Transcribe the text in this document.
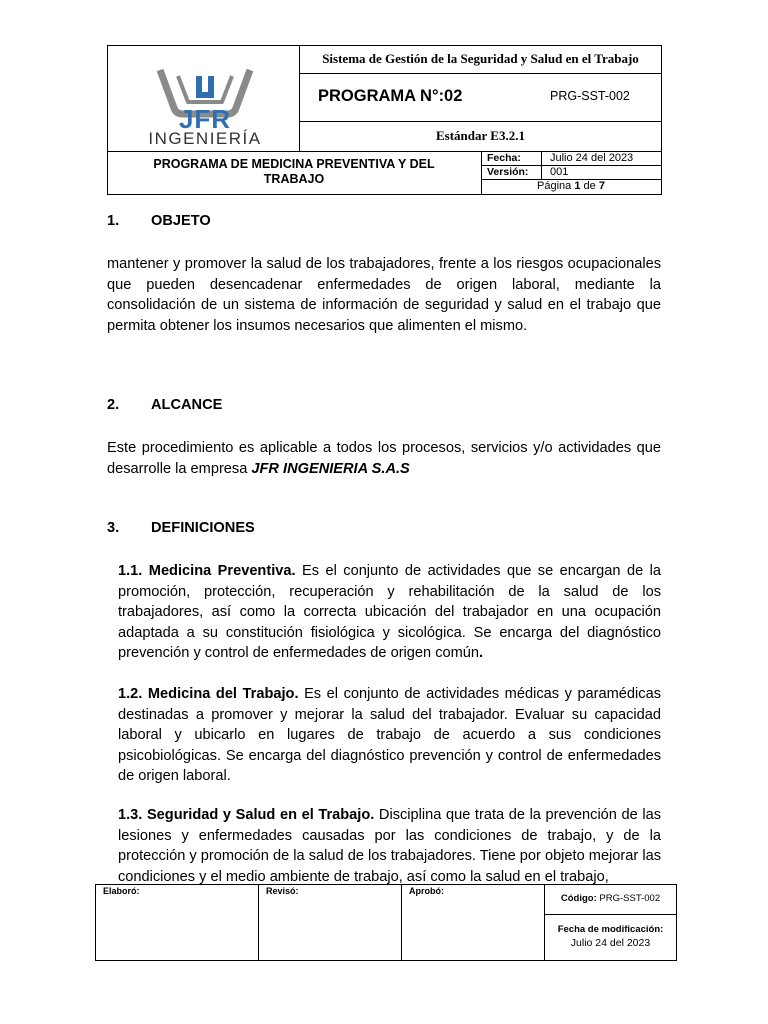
JFR
INGENIERÍA
Sistema de Gestión de la Seguridad y Salud en el Trabajo
PROGRAMA N°:02	PRG-SST-002
Estándar E3.2.1
PROGRAMA DE MEDICINA PREVENTIVA Y DEL TRABAJO
Fecha:	Julio 24 del 2023
Versión: 001
Página 1 de 7
1. OBJETO
mantener y promover la salud de los trabajadores, frente a los riesgos ocupacionales que pueden desencadenar enfermedades de origen laboral, mediante la consolidación de un sistema de información de seguridad y salud en el trabajo que permita obtener los insumos necesarios que alimenten el mismo.
2. ALCANCE
Este procedimiento es aplicable a todos los procesos, servicios y/o actividades que desarrolle la empresa JFR INGENIERIA S.A.S
3. DEFINICIONES
1.1. Medicina Preventiva. Es el conjunto de actividades que se encargan de la promoción, protección, recuperación y rehabilitación de la salud de los trabajadores, así como la correcta ubicación del trabajador en una ocupación adaptada a su constitución fisiológica y sicológica. Se encarga del diagnóstico prevención y control de enfermedades de origen común.
1.2. Medicina del Trabajo. Es el conjunto de actividades médicas y paramédicas destinadas a promover y mejorar la salud del trabajador. Evaluar su capacidad laboral y ubicarlo en lugares de trabajo de acuerdo a sus condiciones psicobiológicas. Se encarga del diagnóstico prevención y control de enfermedades de origen laboral.
1.3. Seguridad y Salud en el Trabajo. Disciplina que trata de la prevención de las lesiones y enfermedades causadas por las condiciones de trabajo, y de la protección y promoción de la salud de los trabajadores. Tiene por objeto mejorar las condiciones y el medio ambiente de trabajo, así como la salud en el trabajo,
Elaboró:	Revisó:	Aprobó:
Código: PRG-SST-002
Fecha de modificación:
Julio 24 del 2023
